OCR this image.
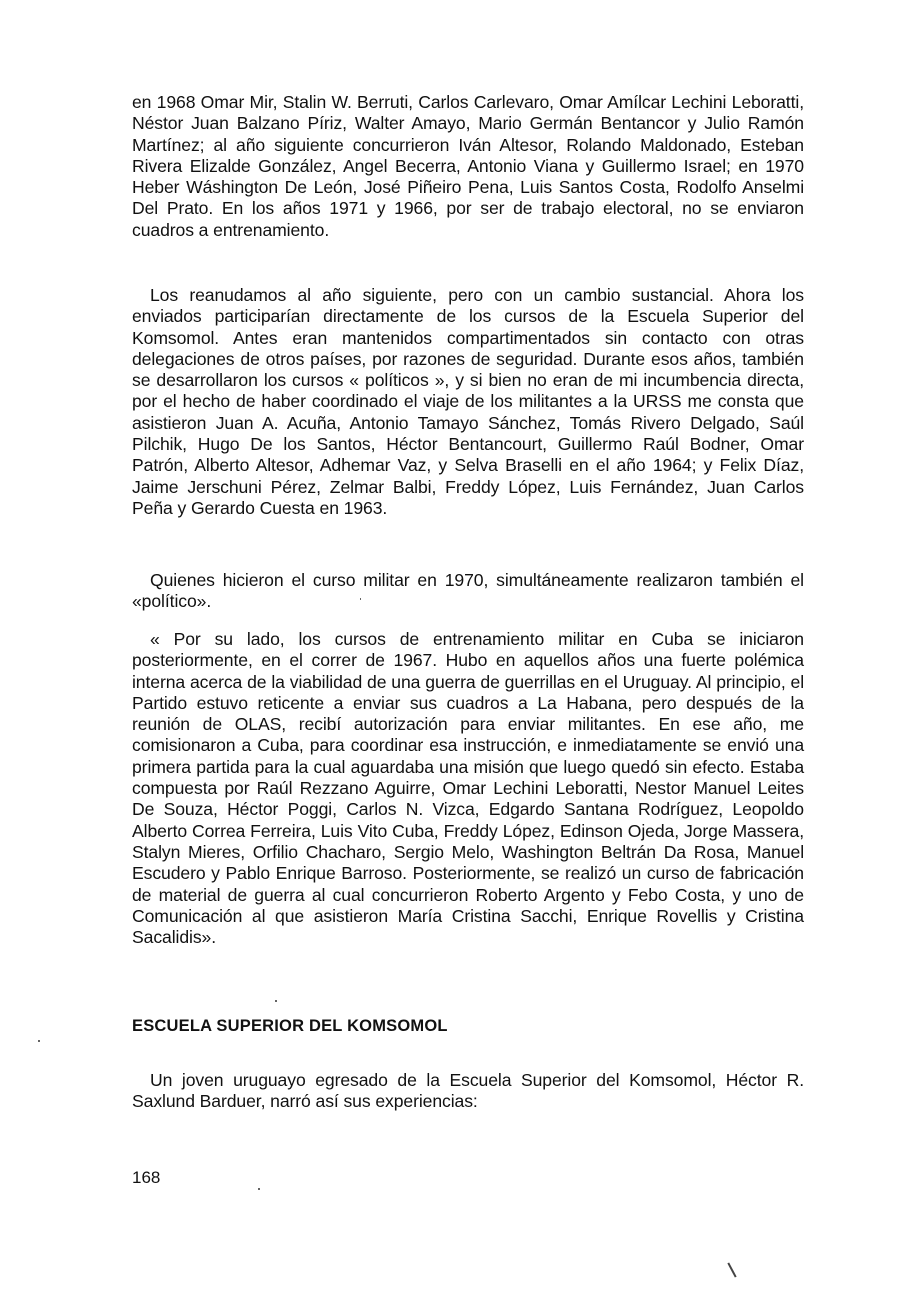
en 1968 Omar Mir, Stalin W. Berruti, Carlos Carlevaro, Omar Amílcar Lechini Leboratti, Néstor Juan Balzano Píriz, Walter Amayo, Mario Germán Bentancor y Julio Ramón Martínez; al año siguiente concurrieron Iván Altesor, Rolando Maldonado, Esteban Rivera Elizalde González, Angel Becerra, Antonio Viana y Guillermo Israel; en 1970 Heber Wáshington De León, José Piñeiro Pena, Luis Santos Costa, Rodolfo Anselmi Del Prato. En los años 1971 y 1966, por ser de trabajo electoral, no se enviaron cuadros a entrenamiento.

Los reanudamos al año siguiente, pero con un cambio sustancial. Ahora los enviados participarían directamente de los cursos de la Escuela Superior del Komsomol. Antes eran mantenidos compartimentados sin contacto con otras delegaciones de otros países, por razones de seguridad. Durante esos años, también se desarrollaron los cursos « políticos », y si bien no eran de mi incumbencia directa, por el hecho de haber coordinado el viaje de los militantes a la URSS me consta que asistieron Juan A. Acuña, Antonio Tamayo Sánchez, Tomás Rivero Delgado, Saúl Pilchik, Hugo De los Santos, Héctor Bentancourt, Guillermo Raúl Bodner, Omar Patrón, Alberto Altesor, Adhemar Vaz, y Selva Braselli en el año 1964; y Felix Díaz, Jaime Jerschuni Pérez, Zelmar Balbi, Freddy López, Luis Fernández, Juan Carlos Peña y Gerardo Cuesta en 1963.

Quienes hicieron el curso militar en 1970, simultáneamente realizaron también el «político».

« Por su lado, los cursos de entrenamiento militar en Cuba se iniciaron posteriormente, en el correr de 1967. Hubo en aquellos años una fuerte polémica interna acerca de la viabilidad de una guerra de guerrillas en el Uruguay. Al principio, el Partido estuvo reticente a enviar sus cuadros a La Habana, pero después de la reunión de OLAS, recibí autorización para enviar militantes. En ese año, me comisionaron a Cuba, para coordinar esa instrucción, e inmediatamente se envió una primera partida para la cual aguardaba una misión que luego quedó sin efecto. Estaba compuesta por Raúl Rezzano Aguirre, Omar Lechini Leboratti, Nestor Manuel Leites De Souza, Héctor Poggi, Carlos N. Vizca, Edgardo Santana Rodríguez, Leopoldo Alberto Correa Ferreira, Luis Vito Cuba, Freddy López, Edinson Ojeda, Jorge Massera, Stalyn Mieres, Orfilio Chacharo, Sergio Melo, Washington Beltrán Da Rosa, Manuel Escudero y Pablo Enrique Barroso. Posteriormente, se realizó un curso de fabricación de material de guerra al cual concurrieron Roberto Argento y Febo Costa, y uno de Comunicación al que asistieron María Cristina Sacchi, Enrique Rovellis y Cristina Sacalidis».

ESCUELA SUPERIOR DEL KOMSOMOL

Un joven uruguayo egresado de la Escuela Superior del Komsomol, Héctor R. Saxlund Barduer, narró así sus experiencias:

168
